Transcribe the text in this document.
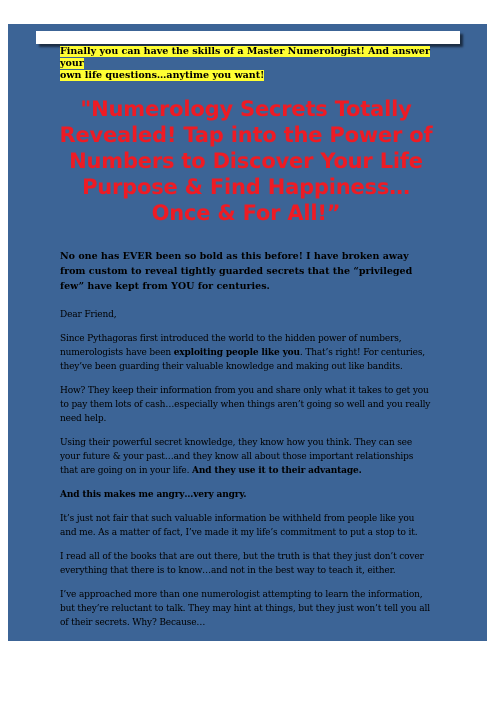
Finally you can have the skills of a Master Numerologist! And answer your
own life questions…anytime you want!

"Numerology Secrets Totally Revealed! Tap into the Power of Numbers to Discover Your Life Purpose & Find Happiness… Once & For All!”

No one has EVER been so bold as this before! I have broken away from custom to reveal tightly guarded secrets that the “privileged few” have kept from YOU for centuries.

Dear Friend,

Since Pythagoras first introduced the world to the hidden power of numbers, numerologists have been exploiting people like you. That’s right! For centuries, they’ve been guarding their valuable knowledge and making out like bandits.

How? They keep their information from you and share only what it takes to get you to pay them lots of cash…especially when things aren’t going so well and you really need help.

Using their powerful secret knowledge, they know how you think. They can see your future & your past…and they know all about those important relationships that are going on in your life. And they use it to their advantage.

And this makes me angry…very angry.

It’s just not fair that such valuable information be withheld from people like you and me. As a matter of fact, I’ve made it my life’s commitment to put a stop to it.

I read all of the books that are out there, but the truth is that they just don’t cover everything that there is to know…and not in the best way to teach it, either.

I’ve approached more than one numerologist attempting to learn the information, but they’re reluctant to talk. They may hint at things, but they just won’t tell you all of their secrets. Why? Because…
